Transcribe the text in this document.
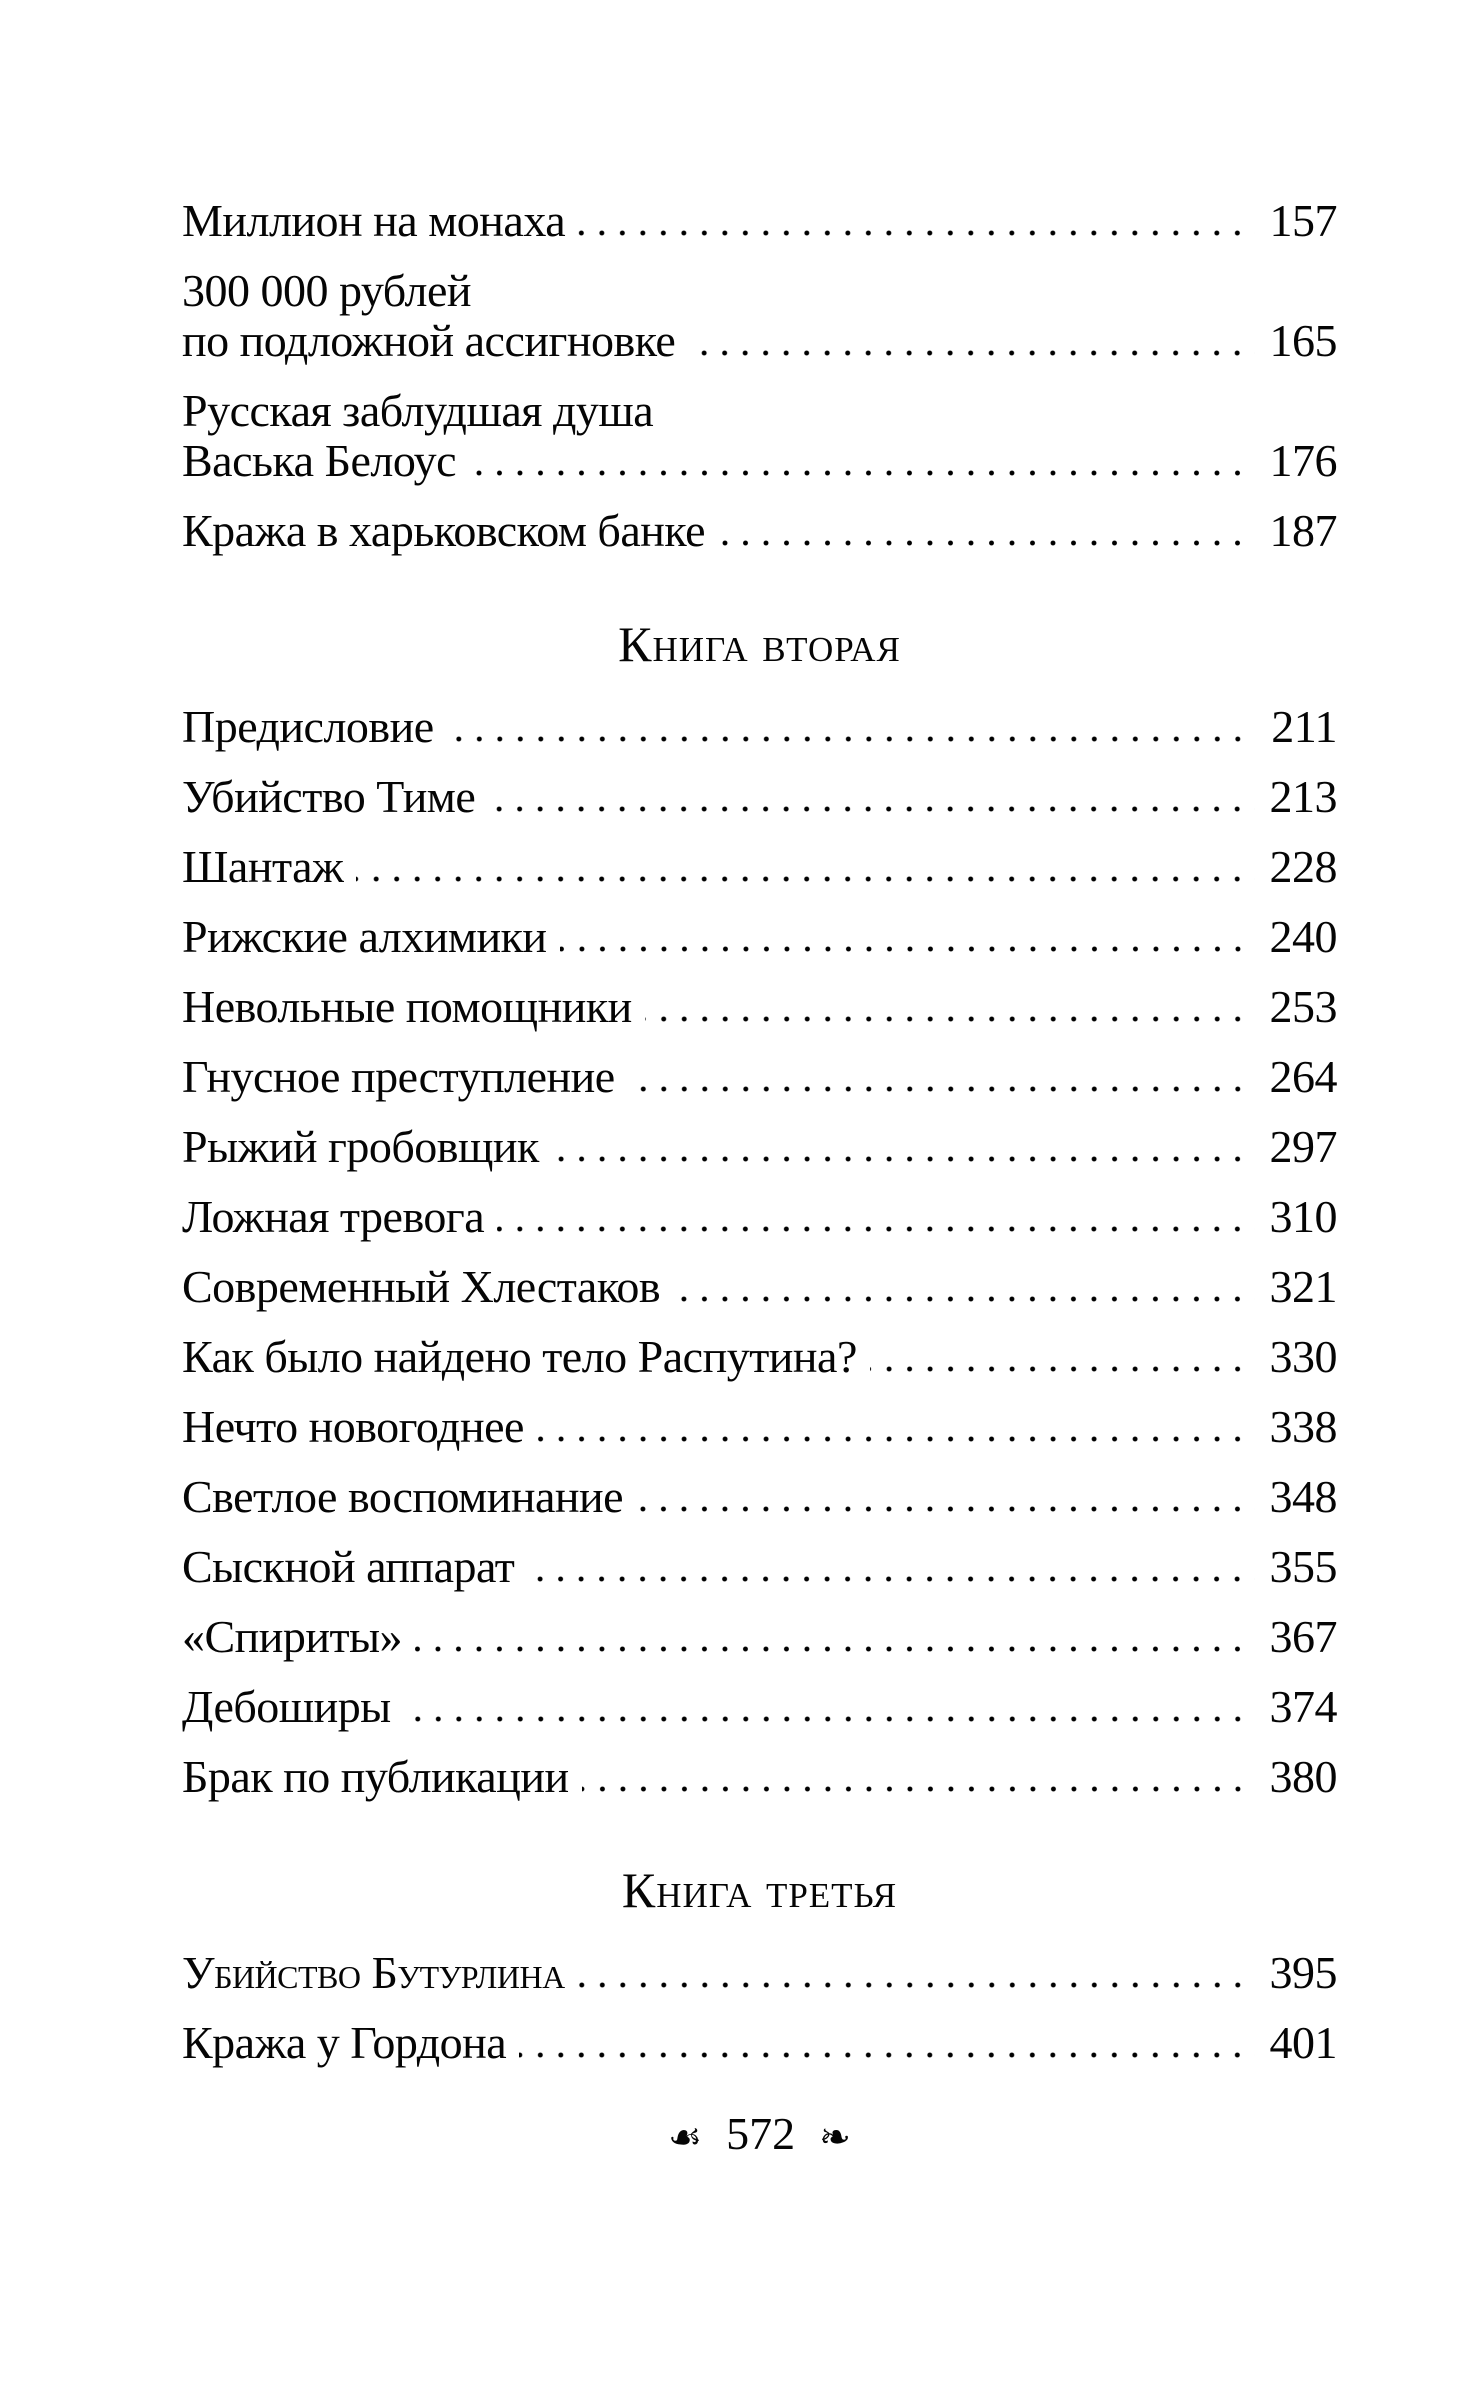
Миллион на монаха	157
300 000 рублей
по подложной ассигновке	165
Русская заблудшая душа
Васька Белоус	176
Кража в харьковском банке	187
Книга вторая
Предисловие	211
Убийство Тиме	213
Шантаж	228
Рижские алхимики	240
Невольные помощники	253
Гнусное преступление	264
Рыжий гробовщик	297
Ложная тревога	310
Современный Хлестаков	321
Как было найдено тело Распутина?	330
Нечто новогоднее	338
Светлое воспоминание	348
Сыскной аппарат	355
«Спириты»	367
Дебоширы	374
Брак по публикации	380
Книга третья
Убийство Бутурлина	395
Кража у Гордона	401
☙ 572 ❧
